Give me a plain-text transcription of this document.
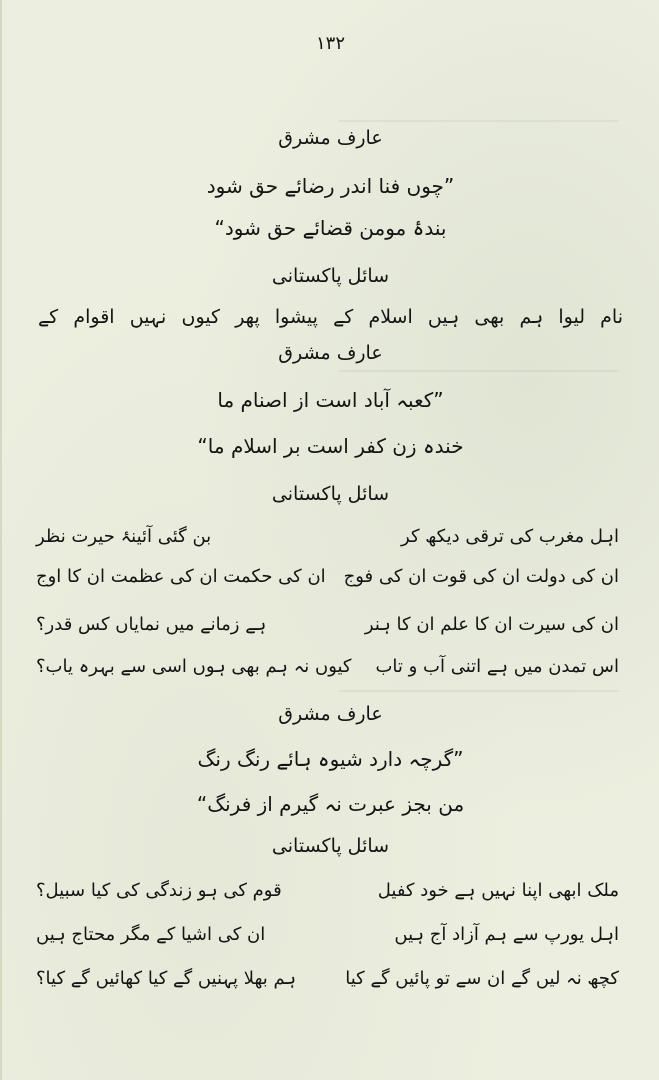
۱۳۲
عارف مشرق
”چوں فنا اندر رضائے حق شود
بندۂ مومن قضائے حق شود“
سائل پاکستانی
نام لیوا ہم بھی ہیں اسلام کے پیشوا پھر کیوں نہیں اقوام کے
عارف مشرق
”کعبہ آباد است از اصنام ما
خندہ زن کفر است بر اسلام ما“
سائل پاکستانی
اہل مغرب کی ترقی دیکھ کر
بن گئی آئینۂ حیرت نظر
ان کی دولت ان کی قوت ان کی فوج
ان کی حکمت ان کی عظمت ان کا اوج
ان کی سیرت ان کا علم ان کا ہنر
ہے زمانے میں نمایاں کس قدر؟
اس تمدن میں ہے اتنی آب و تاب
کیوں نہ ہم بھی ہوں اسی سے بہرہ یاب؟
عارف مشرق
”گرچہ دارد شیوہ ہائے رنگ رنگ
من بجز عبرت نہ گیرم از فرنگ“
سائل پاکستانی
ملک ابھی اپنا نہیں ہے خود کفیل
قوم کی ہو زندگی کی کیا سبیل؟
اہل یورپ سے ہم آزاد آج ہیں
ان کی اشیا کے مگر محتاج ہیں
کچھ نہ لیں گے ان سے تو پائیں گے کیا
ہم بھلا پہنیں گے کیا کھائیں گے کیا؟
